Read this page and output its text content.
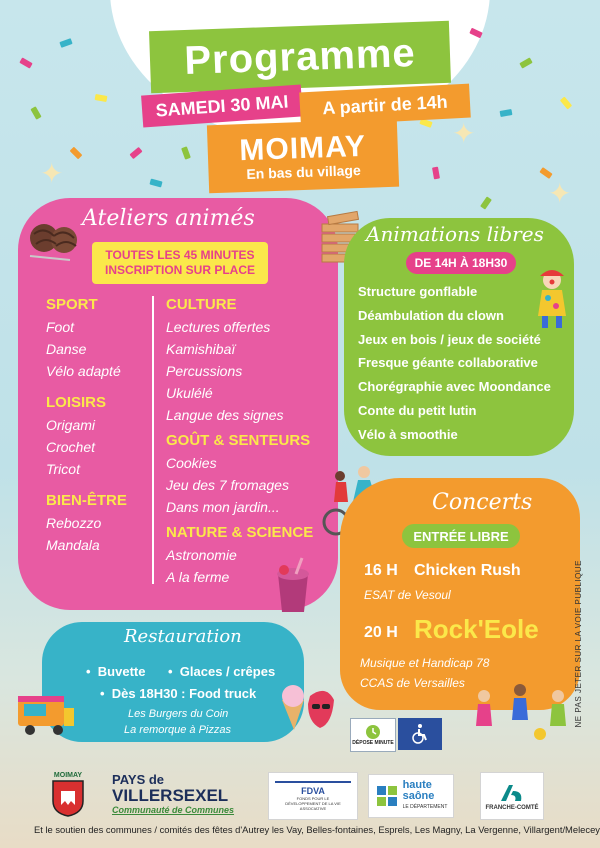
✦
✦
✦
Programme
SAMEDI 30 MAI A partir de 14h
MOIMAY
En bas du village
Ateliers animés
TOUTES LES 45 MINUTES
INSCRIPTION SUR PLACE
SPORT
Foot
Danse
Vélo adapté
LOISIRS
Origami
Crochet
Tricot
BIEN-ÊTRE
Rebozzo
Mandala
CULTURE
Lectures offertes
Kamishibaï
Percussions
Ukulélé
Langue des signes
GOÛT & SENTEURS
Cookies
Jeu des 7 fromages
Dans mon jardin...
NATURE & SCIENCE
Astronomie
A la ferme
Animations libres
DE 14H À 18H30
Structure gonflable
Déambulation du clown
Jeux en bois / jeux de société
Fresque géante collaborative
Chorégraphie avec Moondance
Conte du petit lutin
Vélo à smoothie
Concerts
ENTRÉE LIBRE
16 H Chicken Rush
ESAT de Vesoul
20 H Rock'Eole
Musique et Handicap 78
CCAS de Versailles
Restauration
•  Buvette •  Glaces / crêpes
•  Dès 18H30 : Food truck
Les Burgers du Coin
La remorque à Pizzas
DÉPOSE MINUTE
NE PAS JETER SUR LA VOIE PUBLIQUE
MOIMAY PAYS de
VILLERSEXEL
Communauté de Communes
FDVA
FONDS POUR LE DÉVELOPPEMENT DE LA VIE ASSOCIATIVE
haute
saône
LE DÉPARTEMENT	FRANCHE-COMTÉ
Et le soutien des communes / comités des fêtes d'Autrey les Vay, Belles-fontaines, Esprels, Les Magny, La Vergenne, Villargent/Melecey
